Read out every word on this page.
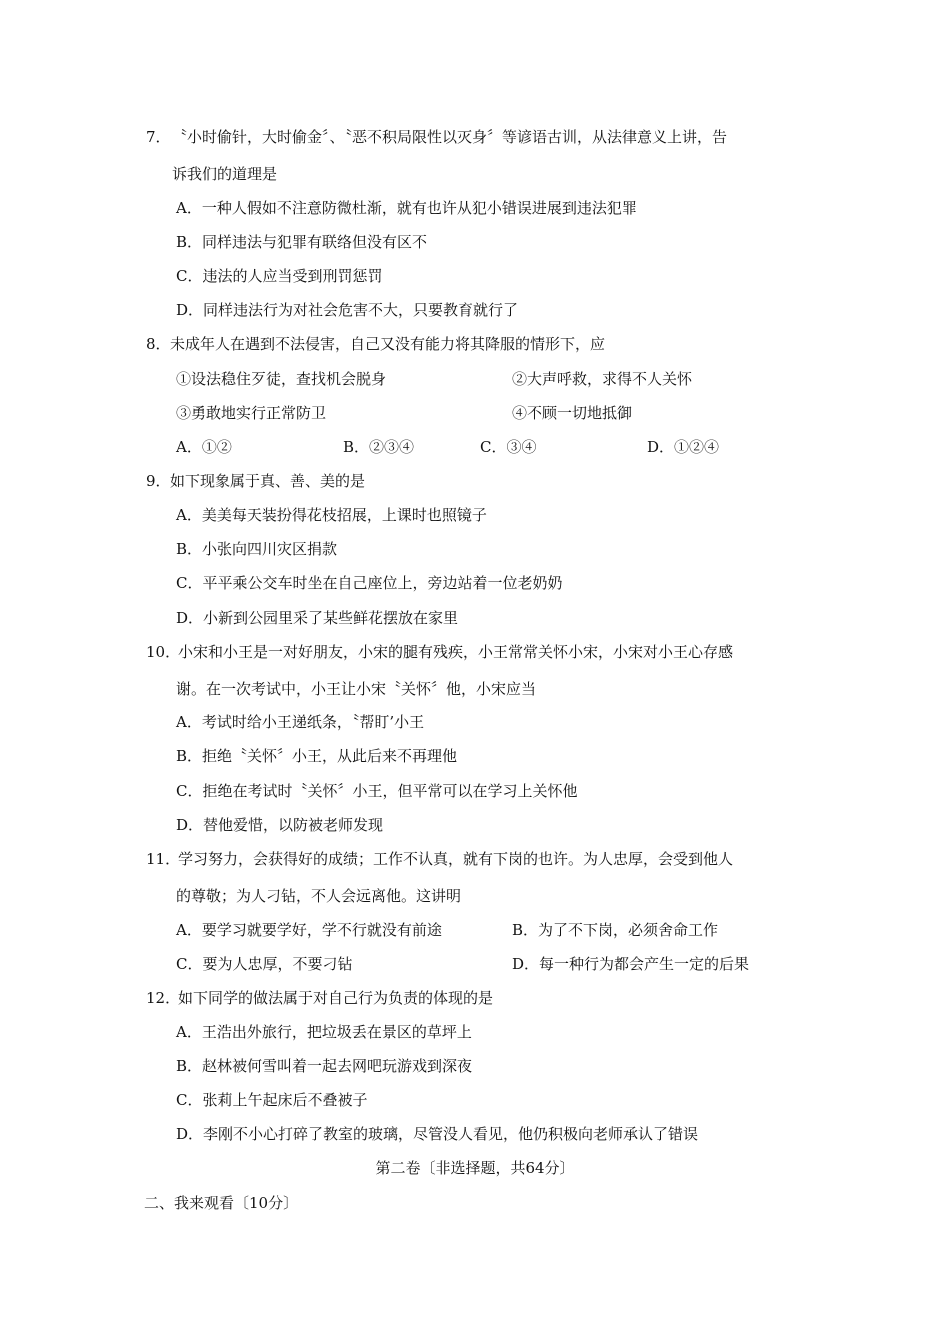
7． 〝小时偷针，大时偷金〞、〝恶不积局限性以灭身〞等谚语古训，从法律意义上讲，告
诉我们的道理是
A．一种人假如不注意防微杜渐，就有也许从犯小错误进展到违法犯罪
B．同样违法与犯罪有联络但没有区不
C．违法的人应当受到刑罚惩罚
D．同样违法行为对社会危害不大，只要教育就行了
8． 未成年人在遇到不法侵害，自己又没有能力将其降服的情形下，应
①设法稳住歹徒，查找机会脱身	②大声呼救，求得不人关怀
③勇敢地实行正常防卫	④不顾一切地抵御
A．①②	B．②③④	C．③④	D．①②④
9． 如下现象属于真、善、美的是
A．美美每天装扮得花枝招展，上课时也照镜子
B．小张向四川灾区捐款
C．平平乘公交车时坐在自己座位上，旁边站着一位老奶奶
D．小新到公园里采了某些鲜花摆放在家里
10．
小宋和小王是一对好朋友，小宋的腿有残疾，小王常常关怀小宋，小宋对小王心存感
谢。在一次考试中，小王让小宋〝关怀〞他，小宋应当
A．考试时给小王递纸条，〝帮盯’小王
B．拒绝〝关怀〞小王，从此后来不再理他
C．拒绝在考试时〝关怀〞小王，但平常可以在学习上关怀他
D．替他爱惜，以防被老师发现
11．
学习努力，会获得好的成绩；工作不认真，就有下岗的也许。为人忠厚，会受到他人
的尊敬；为人刁钻，不人会远离他。这讲明
A．要学习就要学好，学不行就没有前途	B．为了不下岗，必须舍命工作
C．要为人忠厚，不要刁钻	D．每一种行为都会产生一定的后果
12．
如下同学的做法属于对自己行为负责的体现的是
A．王浩出外旅行，把垃圾丢在景区的草坪上
B．赵林被何雪叫着一起去网吧玩游戏到深夜
C．张莉上午起床后不叠被子
D．李刚不小心打碎了教室的玻璃，尽管没人看见，他仍积极向老师承认了错误
第二卷〔非选择题，共64分〕
二、我来观看〔10分〕
